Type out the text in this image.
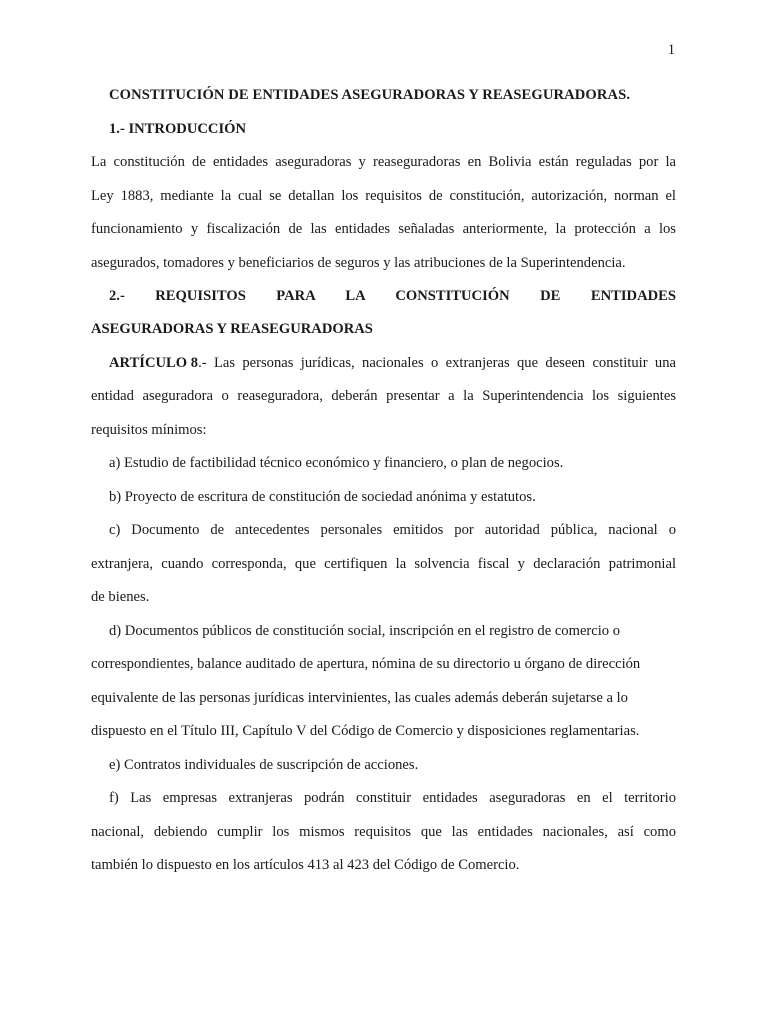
1
CONSTITUCIÓN DE ENTIDADES ASEGURADORAS Y REASEGURADORAS.
1.- INTRODUCCIÓN
La constitución de entidades aseguradoras y reaseguradoras en Bolivia están reguladas por la
Ley 1883, mediante la cual se detallan los requisitos de constitución, autorización, norman el
funcionamiento y fiscalización de las entidades señaladas anteriormente, la protección a los
asegurados, tomadores y beneficiarios de seguros y las atribuciones de la Superintendencia.
2.- REQUISITOS PARA LA CONSTITUCIÓN DE ENTIDADES
ASEGURADORAS Y REASEGURADORAS
ARTÍCULO 8 .- Las personas jurídicas, nacionales o extranjeras que deseen constituir una
entidad aseguradora o reaseguradora, deberán presentar a la Superintendencia los siguientes
requisitos mínimos:
a) Estudio de factibilidad técnico económico y financiero, o plan de negocios.
b) Proyecto de escritura de constitución de sociedad anónima y estatutos.
c) Documento de antecedentes personales emitidos por autoridad pública, nacional o
extranjera, cuando corresponda, que certifiquen la solvencia fiscal y declaración patrimonial
de bienes.
d) Documentos públicos de constitución social, inscripción en el registro de comercio o
correspondientes, balance auditado de apertura, nómina de su directorio u órgano de dirección
equivalente de las personas jurídicas intervinientes, las cuales además deberán sujetarse a lo
dispuesto en el Título III, Capítulo V del Código de Comercio y disposiciones reglamentarias.
e) Contratos individuales de suscripción de acciones.
f) Las empresas extranjeras podrán constituir entidades aseguradoras en el territorio
nacional, debiendo cumplir los mismos requisitos que las entidades nacionales, así como
también lo dispuesto en los artículos 413 al 423 del Código de Comercio.
